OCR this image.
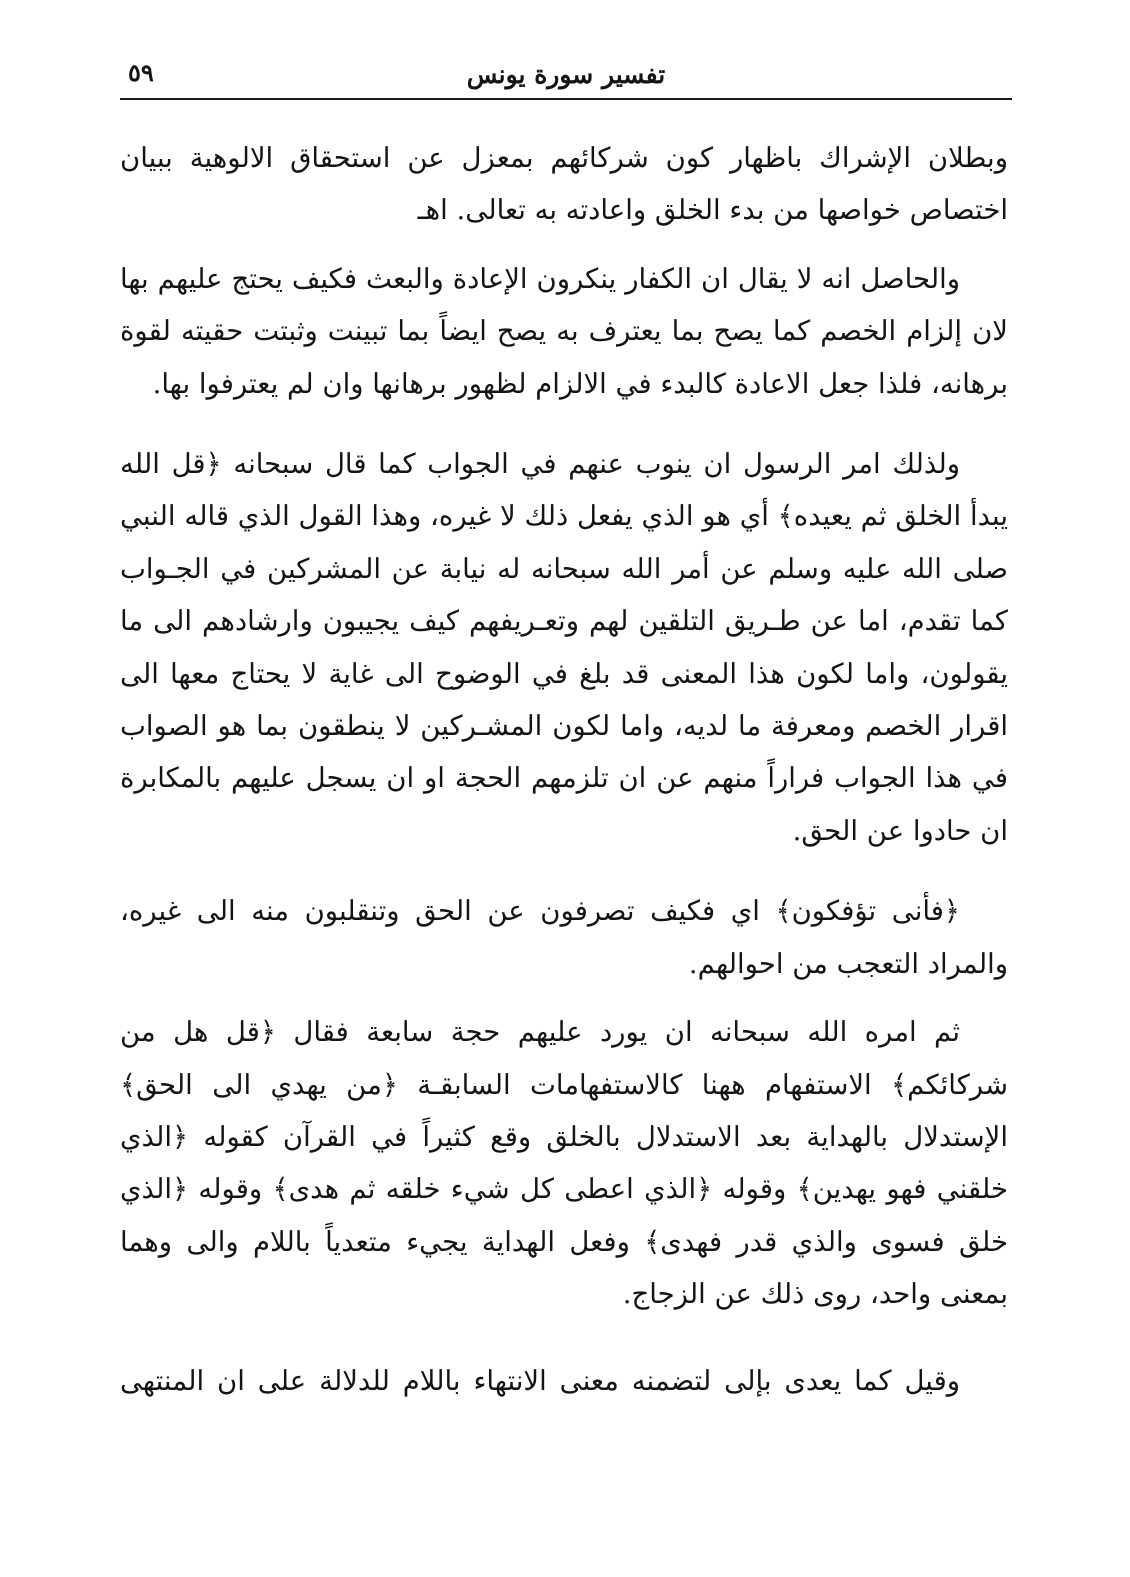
تفسير سورة يونس
٥٩

وبطلان الإشراك باظهار كون شركائهم بمعزل عن استحقاق الالوهية ببيان اختصاص خواصها من بدء الخلق واعادته به تعالى. اهـ

والحاصل انه لا يقال ان الكفار ينكرون الإعادة والبعث فكيف يحتج عليهم بها لان إلزام الخصم كما يصح بما يعترف به يصح ايضاً بما تبينت وثبتت حقيته لقوة برهانه، فلذا جعل الاعادة كالبدء في الالزام لظهور برهانها وان لم يعترفوا بها.

ولذلك امر الرسول ان ينوب عنهم في الجواب كما قال سبحانه ﴿قل الله يبدأ الخلق ثم يعيده﴾ أي هو الذي يفعل ذلك لا غيره، وهذا القول الذي قاله النبي صلى الله عليه وسلم عن أمر الله سبحانه له نيابة عن المشركين في الجـواب كما تقدم، اما عن طـريق التلقين لهم وتعـريفهم كيف يجيبون وارشادهم الى ما يقولون، واما لكون هذا المعنى قد بلغ في الوضوح الى غاية لا يحتاج معها الى اقرار الخصم ومعرفة ما لديه، واما لكون المشـركين لا ينطقون بما هو الصواب في هذا الجواب فراراً منهم عن ان تلزمهم الحجة او ان يسجل عليهم بالمكابرة ان حادوا عن الحق.

﴿فأنى تؤفكون﴾ اي فكيف تصرفون عن الحق وتنقلبون منه الى غيره، والمراد التعجب من احوالهم.

ثم امره الله سبحانه ان يورد عليهم حجة سابعة فقال ﴿قل هل من شركائكم﴾ الاستفهام ههنا كالاستفهامات السابقـة ﴿من يهدي الى الحق﴾ الإستدلال بالهداية بعد الاستدلال بالخلق وقع كثيراً في القرآن كقوله ﴿الذي خلقني فهو يهدين﴾ وقوله ﴿الذي اعطى كل شيء خلقه ثم هدى﴾ وقوله ﴿الذي خلق فسوى والذي قدر فهدى﴾ وفعل الهداية يجيء متعدياً باللام والى وهما بمعنى واحد، روى ذلك عن الزجاج.

وقيل كما يعدى بإلى لتضمنه معنى الانتهاء باللام للدلالة على ان المنتهى
